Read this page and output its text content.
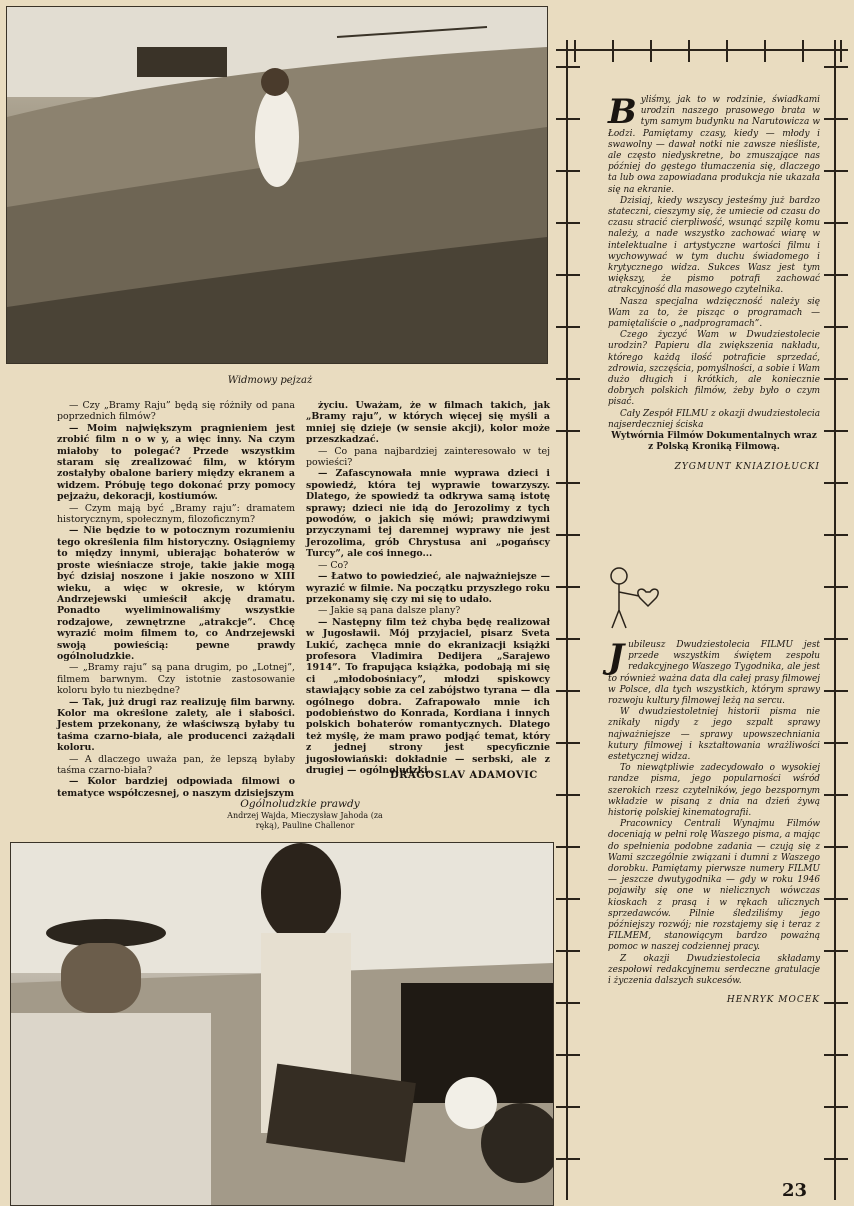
Widmowy pejzaż

— Czy „Bramy Raju” będą się różniły od pana poprzednich filmów?

— Moim największym pragnieniem jest zrobić film n o w y, a więc inny. Na czym miałoby to polegać? Przede wszystkim staram się zrealizować film, w którym zostałyby obalone bariery między ekranem a widzem. Próbuję tego dokonać przy pomocy pejzażu, dekoracji, kostiumów.

— Czym mają być „Bramy raju”: dramatem historycznym, społecznym, filozoficznym?

— Nie będzie to w potocznym rozumieniu tego określenia film historyczny. Osiągniemy to między innymi, ubierając bohaterów w proste wieśniacze stroje, takie jakie mogą być dzisiaj noszone i jakie noszono w XIII wieku, a więc w okresie, w którym Andrzejewski umieścił akcję dramatu. Ponadto wyeliminowaliśmy wszystkie rodzajowe, zewnętrzne „atrakcje”. Chcę wyrazić moim filmem to, co Andrzejewski swoją powieścią: pewne prawdy ogólnoludzkie.

— „Bramy raju” są pana drugim, po „Lotnej”, filmem barwnym. Czy istotnie zastosowanie koloru było tu niezbędne?

— Tak, już drugi raz realizuję film barwny. Kolor ma określone zalety, ale i słabości. Jestem przekonany, że właściwszą byłaby tu taśma czarno-biała, ale producenci zażądali koloru.

— A dlaczego uważa pan, że lepszą byłaby taśma czarno-biała?

— Kolor bardziej odpowiada filmowi o tematyce współczesnej, o naszym dzisiejszym

życiu. Uważam, że w filmach takich, jak „Bramy raju”, w których więcej się myśli a mniej się dzieje (w sensie akcji), kolor może przeszkadzać.

— Co pana najbardziej zainteresowało w tej powieści?

— Zafascynowała mnie wyprawa dzieci i spowiedź, która tej wyprawie towarzyszy. Dlatego, że spowiedź ta odkrywa samą istotę sprawy; dzieci nie idą do Jerozolimy z tych powodów, o jakich się mówi; prawdziwymi przyczynami tej daremnej wyprawy nie jest Jerozolima, grób Chrystusa ani „pogańscy Turcy”, ale coś innego...

— Co?

— Łatwo to powiedzieć, ale najważniejsze — wyrazić w filmie. Na początku przyszłego roku przekonamy się czy mi się to udało.

— Jakie są pana dalsze plany?

— Następny film też chyba będę realizował w Jugosławii. Mój przyjaciel, pisarz Sveta Lukić, zachęca mnie do ekranizacji książki profesora Vladimira Dedijera „Sarajewo 1914”. To frapująca książka, podobają mi się ci „młodobośniacy”, młodzi spiskowcy stawiający sobie za cel zabójstwo tyrana — dla ogólnego dobra. Zafrapowało mnie ich podobieństwo do Konrada, Kordiana i innych polskich bohaterów romantycznych. Dlatego też myślę, że mam prawo podjąć temat, który z jednej strony jest specyficznie jugosłowiański: dokładnie — serbski, ale z drugiej — ogólnoludzki.

DRAGOSLAV ADAMOVIC
Ogólnoludzkie prawdy
Andrzej Wajda, Mieczysław Jahoda (za ręką), Pauline Challenor
B yliśmy, jak to w rodzinie, świadkami urodzin naszego prasowego brata w tym samym budynku na Narutowicza w Łodzi. Pamiętamy czasy, kiedy — młody i swawolny — dawał notki nie zawsze nieśliste, ale często niedyskretne, bo zmuszające nas później do gęstego tłumaczenia się, dlaczego ta lub owa zapowiadana produkcja nie ukazała się na ekranie.

Dzisiaj, kiedy wszyscy jesteśmy już bardzo stateczni, cieszymy się, że umiecie od czasu do czasu stracić cierpliwość, wsunąć szpilę komu należy, a nade wszystko zachować wiarę w intelektualne i artystyczne wartości filmu i wychowywać w tym duchu świadomego i krytycznego widza. Sukces Wasz jest tym większy, że pismo potrafi zachować atrakcyjność dla masowego czytelnika.

Nasza specjalna wdzięczność należy się Wam za to, że pisząc o programach — pamiętaliście o „nadprogramach”.

Czego życzyć Wam w Dwudziestolecie urodzin? Papieru dla zwiększenia nakładu, którego każdą ilość potraficie sprzedać, zdrowia, szczęścia, pomyślności, a sobie i Wam dużo długich i krótkich, ale koniecznie dobrych polskich filmów, żeby było o czym pisać.

Cały Zespół FILMU z okazji dwudziestolecia najserdeczniej ściska

Wytwórnia Filmów Dokumentalnych wraz z Polską Kroniką Filmową.

ZYGMUNT KNIAZIOŁUCKI

J ubileusz Dwudziestolecia FILMU jest przede wszystkim świętem zespołu redakcyjnego Waszego Tygodnika, ale jest to również ważna data dla całej prasy filmowej w Polsce, dla tych wszystkich, którym sprawy rozwoju kultury filmowej leżą na sercu.

W dwudziestoletniej historii pisma nie znikały nigdy z jego szpalt sprawy najważniejsze — sprawy upowszechniania kutury filmowej i kształtowania wrażliwości estetycznej widza.

To niewątpliwie zadecydowało o wysokiej randze pisma, jego popularności wśród szerokich rzesz czytelników, jego bezspornym wkładzie w pisaną z dnia na dzień żywą historię polskiej kinematografii.

Pracownicy Centrali Wynajmu Filmów doceniają w pełni rolę Waszego pisma, a mając do spełnienia podobne zadania — czują się z Wami szczególnie związani i dumni z Waszego dorobku. Pamiętamy pierwsze numery FILMU — jeszcze dwutygodnika — gdy w roku 1946 pojawiły się one w nielicznych wówczas kioskach z prasą i w rękach ulicznych sprzedawców. Pilnie śledziliśmy jego późniejszy rozwój; nie rozstajemy się i teraz z FILMEM, stanowiącym bardzo poważną pomoc w naszej codziennej pracy.

Z okazji Dwudziestolecia składamy zespołowi redakcyjnemu serdeczne gratulacje i życzenia dalszych sukcesów.

HENRYK MOCEK

23
